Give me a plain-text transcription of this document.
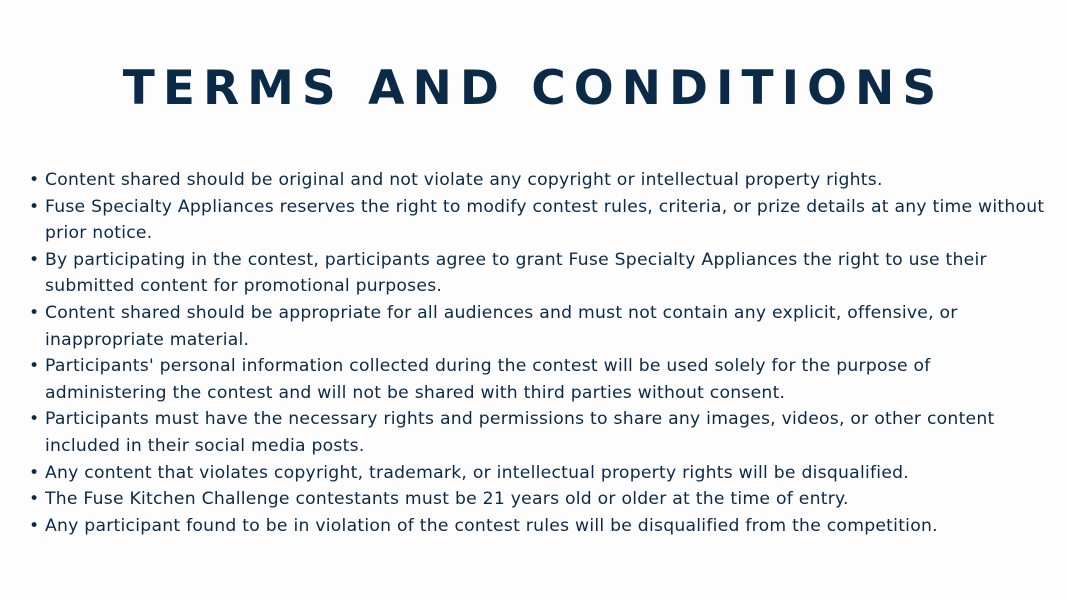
TERMS AND CONDITIONS
• Content shared should be original and not violate any copyright or intellectual property rights.
• Fuse Specialty Appliances reserves the right to modify contest rules, criteria, or prize details at any time without prior notice.
• By participating in the contest, participants agree to grant Fuse Specialty Appliances the right to use their submitted content for promotional purposes.
• Content shared should be appropriate for all audiences and must not contain any explicit, offensive, or inappropriate material.
• Participants' personal information collected during the contest will be used solely for the purpose of administering the contest and will not be shared with third parties without consent.
• Participants must have the necessary rights and permissions to share any images, videos, or other content included in their social media posts.
• Any content that violates copyright, trademark, or intellectual property rights will be disqualified.
• The Fuse Kitchen Challenge contestants must be 21 years old or older at the time of entry.
• Any participant found to be in violation of the contest rules will be disqualified from the competition.
